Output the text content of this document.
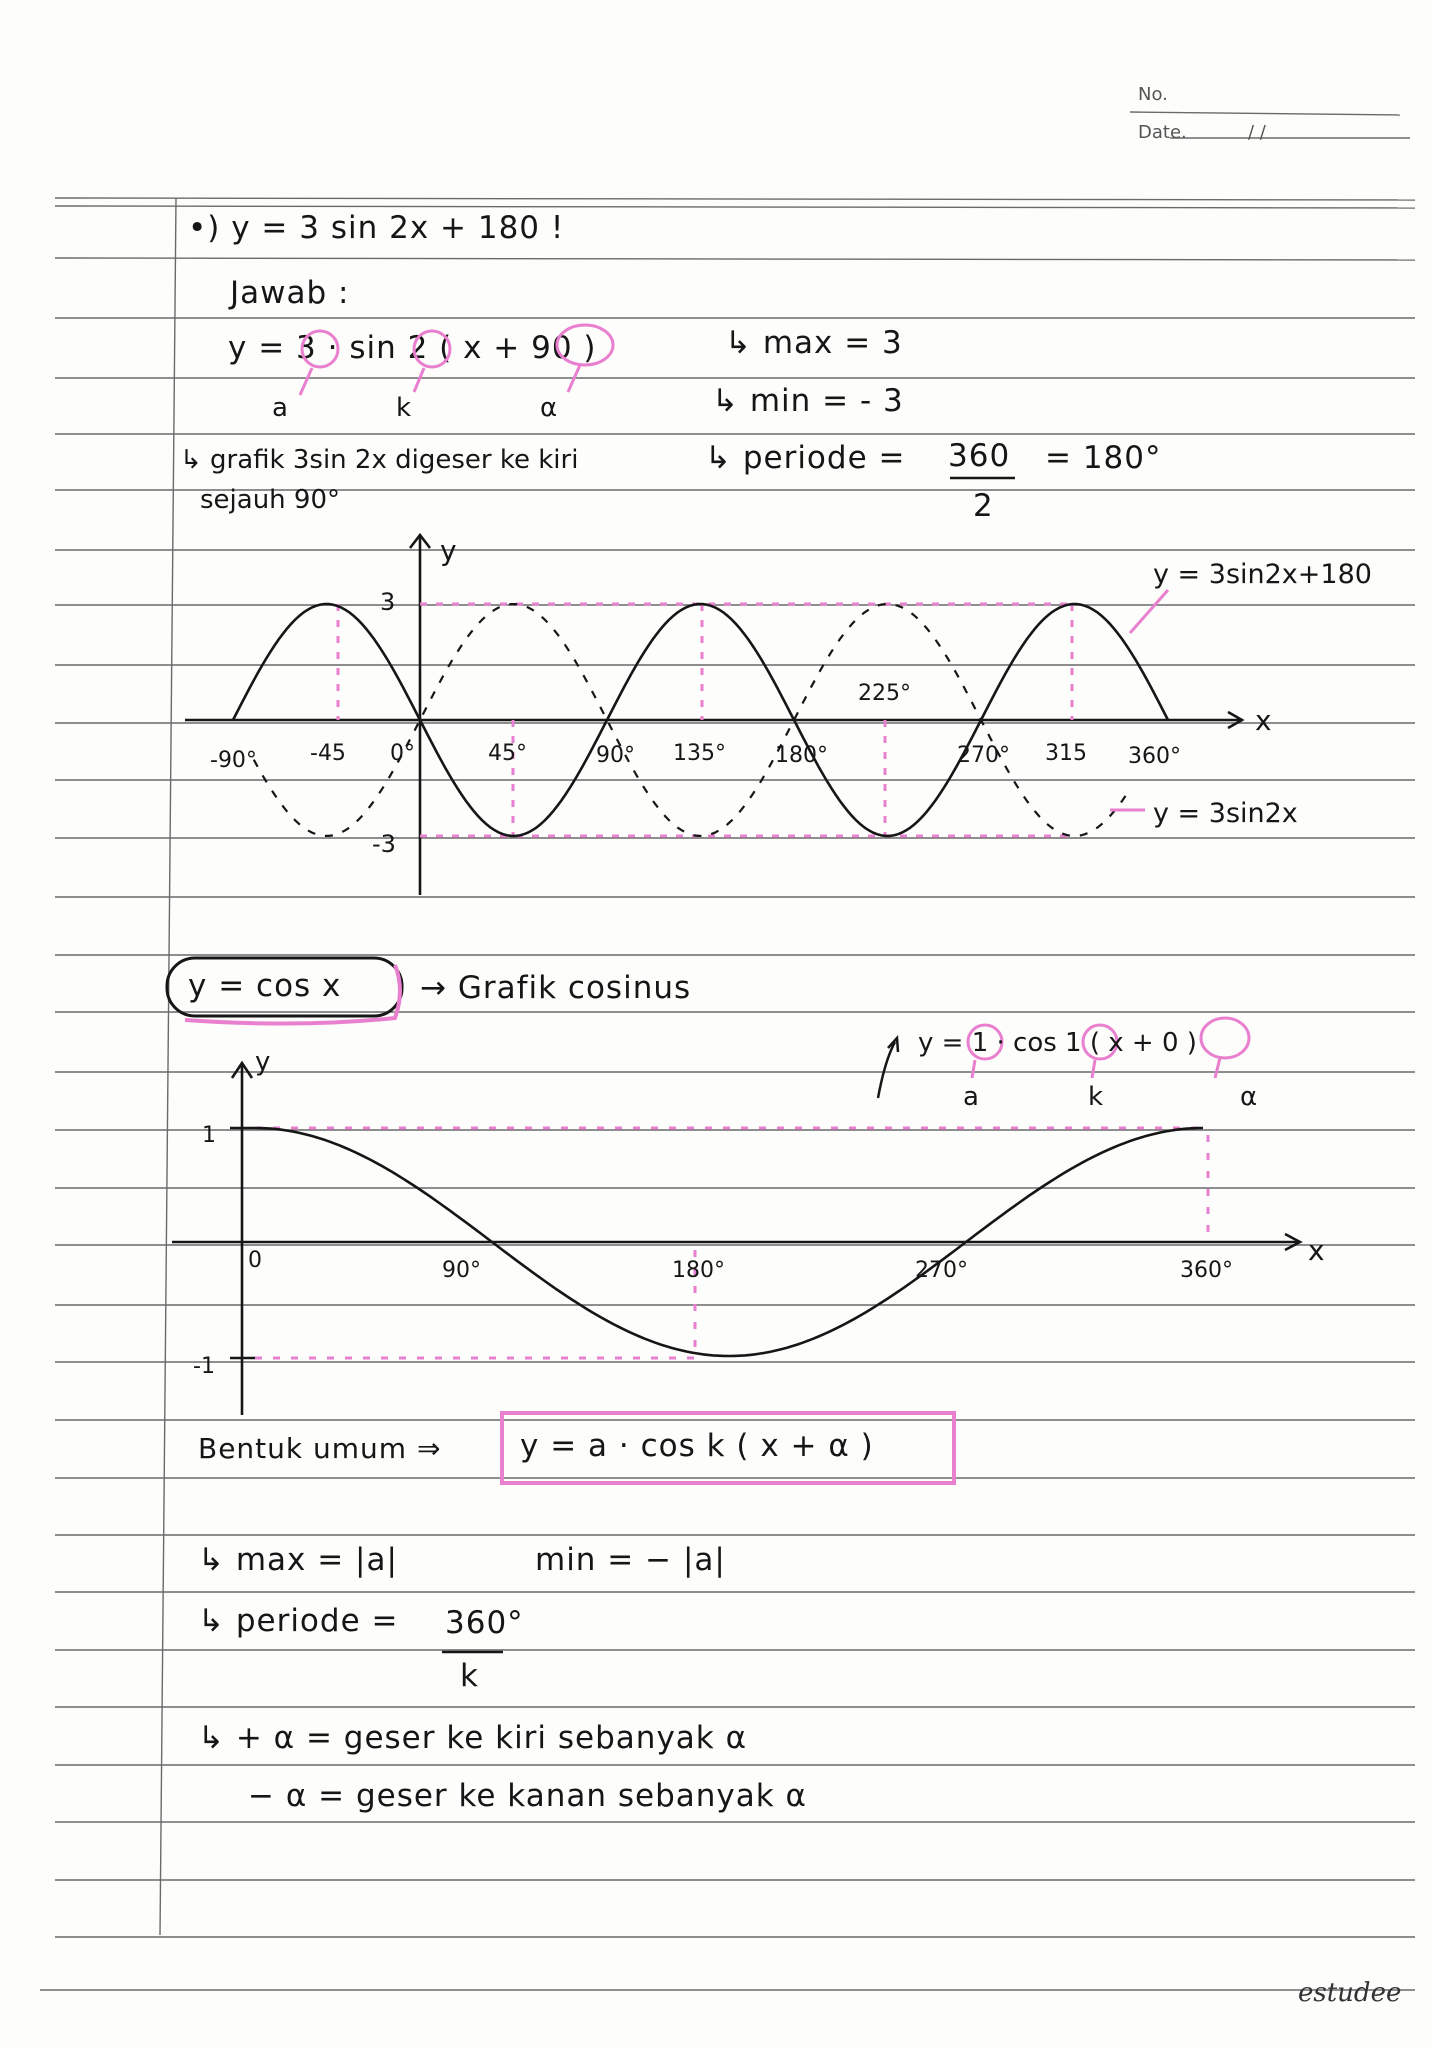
No.
Date.	/ /
•) y = 3 sin 2x + 180 !
Jawab :
y = 3 · sin 2 ( x + 90 )
a	k	α
↳ grafik 3sin 2x digeser ke kiri
sejauh 90°
↳ max = 3
↳ min = - 3
↳ periode = 360
2
= 180°
y
x
3
-3
-90° -45 0°	45°	90° 135° 180°
225°
270° 315 360°
y = 3sin2x+180
y = 3sin2x
y = cos x	→ Grafik cosinus
y = 1 · cos 1 ( x + 0 )
a	k	α
y
x
1
-1
0	90°	180°	270°	360°
Bentuk umum ⇒	y = a · cos k ( x + α )
↳ max = |a|	min = − |a|
↳ periode = 360°
k
↳ + α = geser ke kiri sebanyak α
− α = geser ke kanan sebanyak α
estudee
